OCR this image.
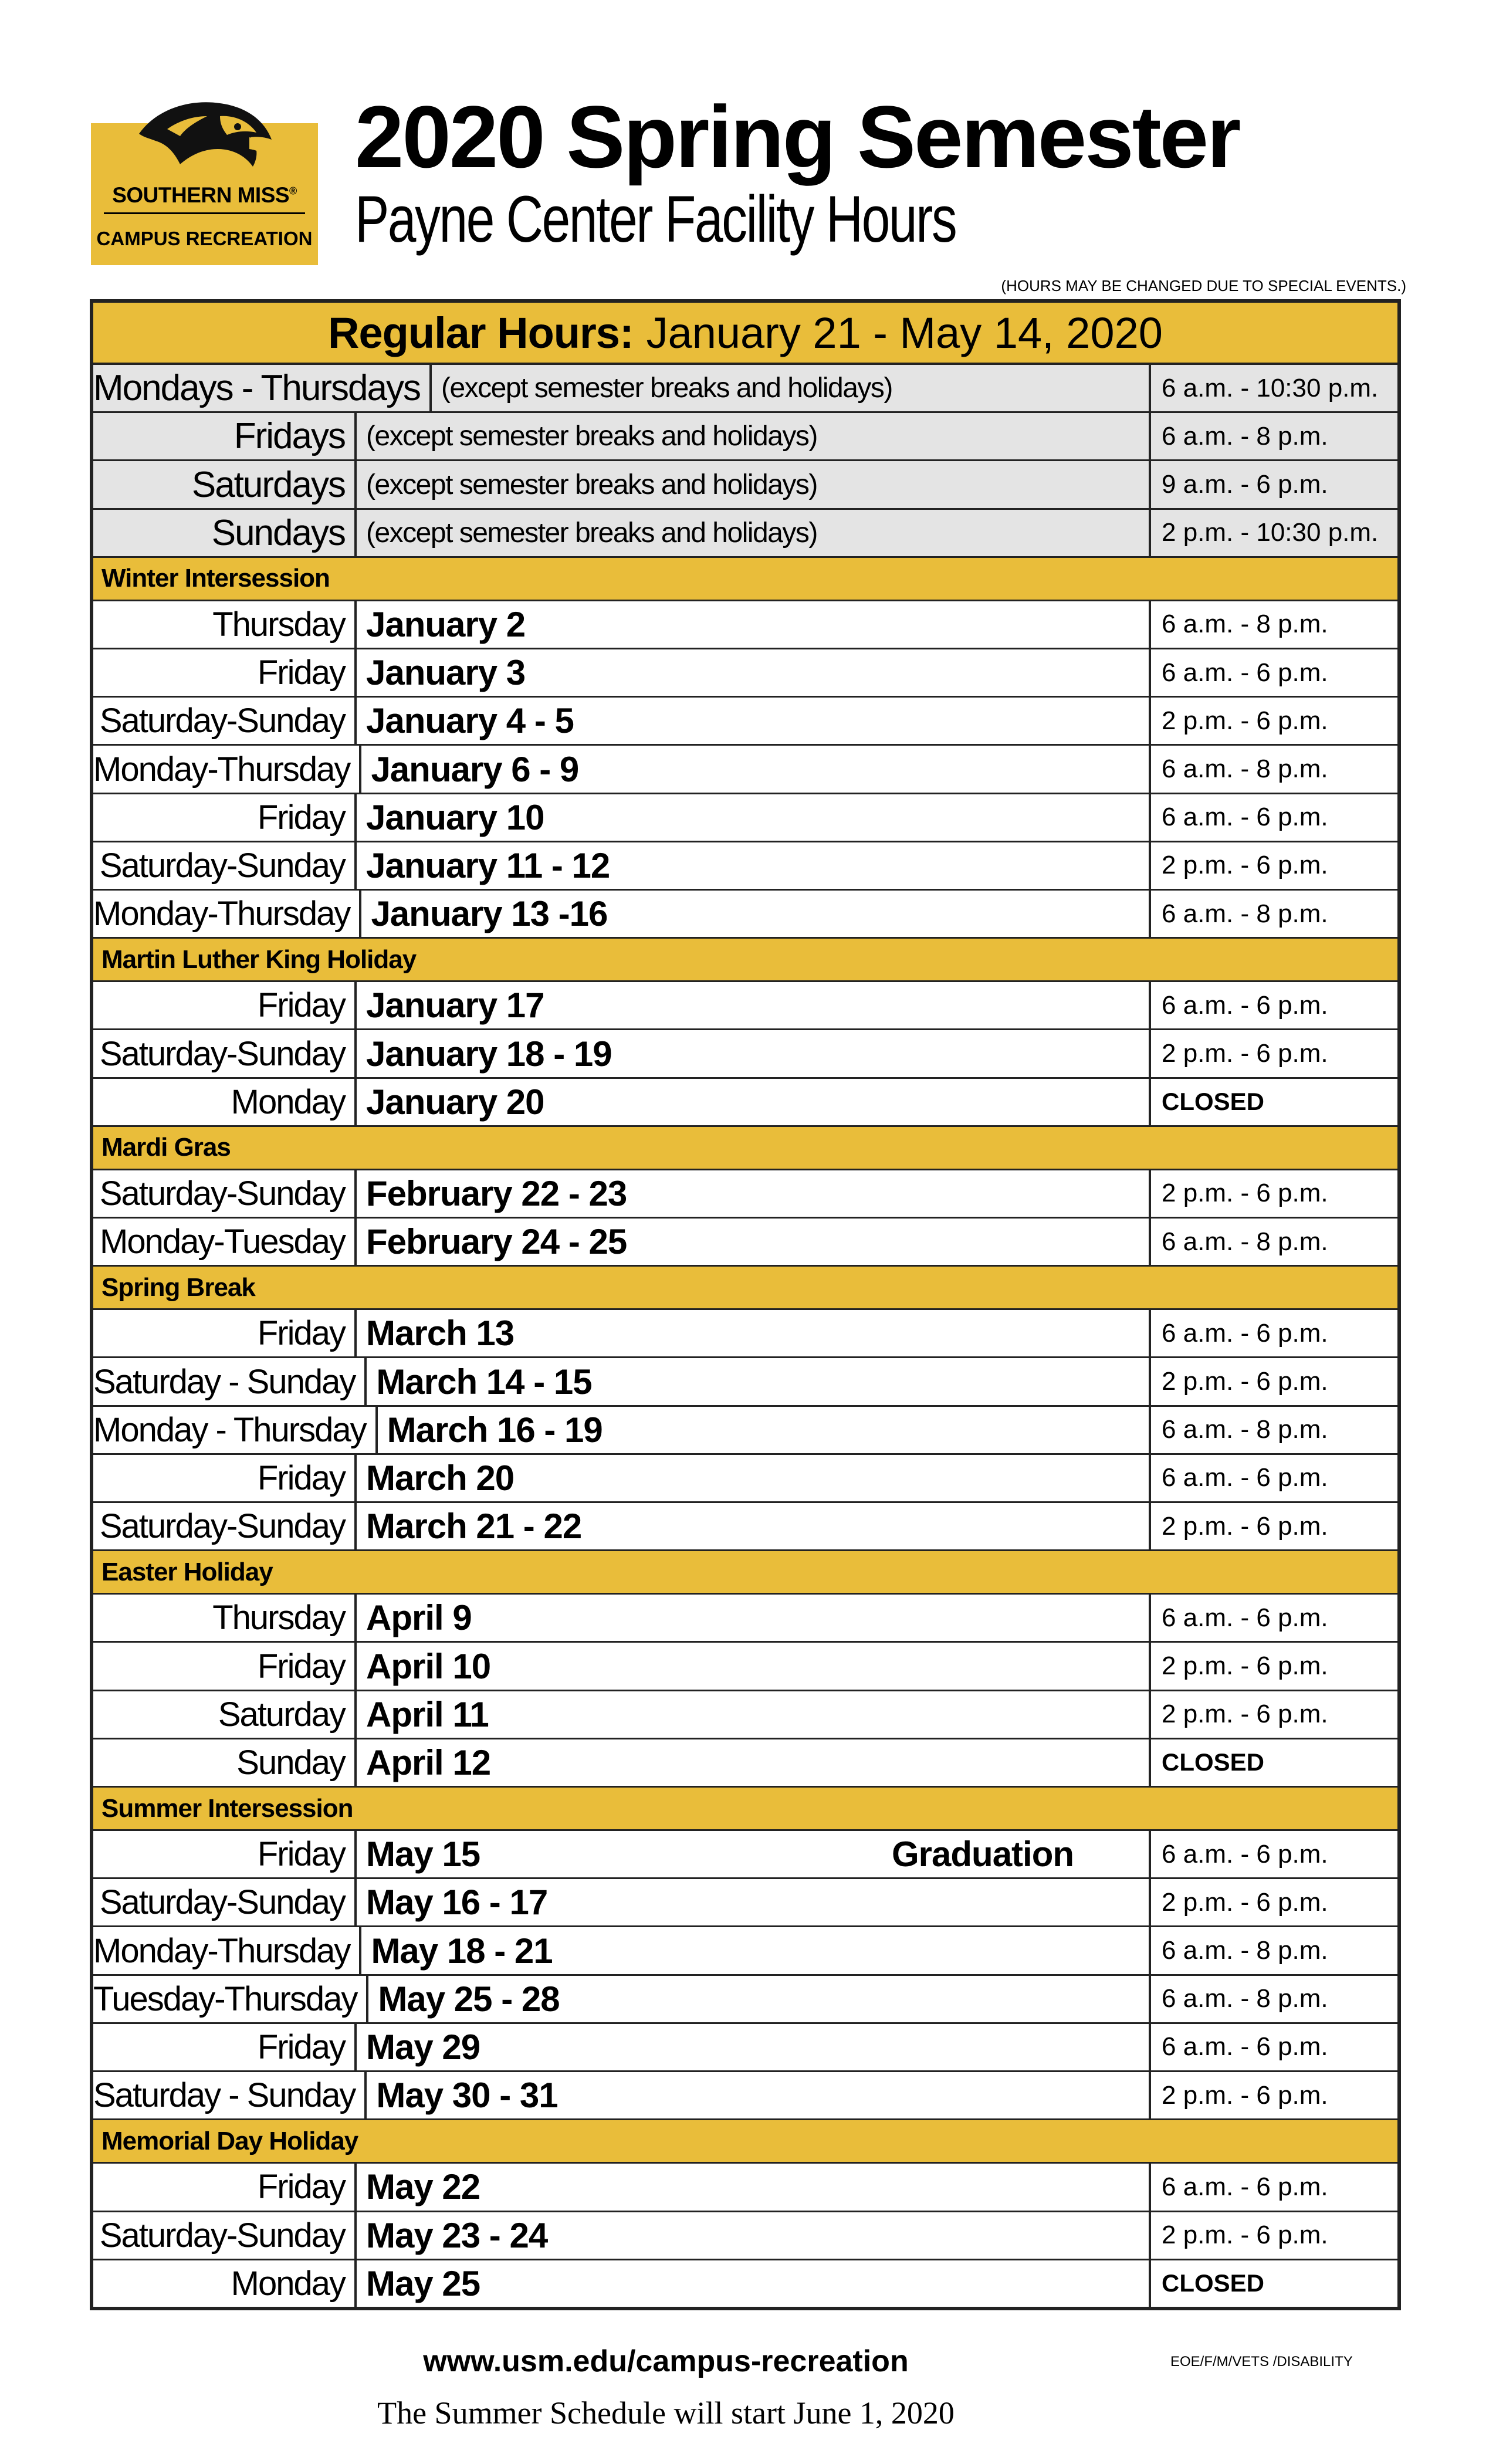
SOUTHERN MISS®
CAMPUS RECREATION
2020 Spring Semester
Payne Center Facility Hours
(HOURS MAY BE CHANGED DUE TO SPECIAL EVENTS.)
Regular Hours: January 21 - May 14, 2020
Mondays - Thursdays (except semester breaks and holidays)	6 a.m. - 10:30 p.m.
Fridays (except semester breaks and holidays)	6 a.m. - 8 p.m.
Saturdays (except semester breaks and holidays)	9 a.m. - 6 p.m.
Sundays (except semester breaks and holidays)	2 p.m. - 10:30 p.m.
Winter Intersession
Thursday January 2	6 a.m. - 8 p.m.
Friday January 3	6 a.m. - 6 p.m.
Saturday-Sunday January 4 - 5	2 p.m. - 6 p.m.
Monday-Thursday January 6 - 9	6 a.m. - 8 p.m.
Friday January 10	6 a.m. - 6 p.m.
Saturday-Sunday January 11 - 12	2 p.m. - 6 p.m.
Monday-Thursday January 13 -16	6 a.m. - 8 p.m.
Martin Luther King Holiday
Friday January 17	6 a.m. - 6 p.m.
Saturday-Sunday January 18 - 19	2 p.m. - 6 p.m.
Monday January 20	CLOSED
Mardi Gras
Saturday-Sunday February 22 - 23	2 p.m. - 6 p.m.
Monday-Tuesday February 24 - 25	6 a.m. - 8 p.m.
Spring Break
Friday March 13	6 a.m. - 6 p.m.
Saturday - Sunday March 14 - 15	2 p.m. - 6 p.m.
Monday - Thursday March 16 - 19	6 a.m. - 8 p.m.
Friday March 20	6 a.m. - 6 p.m.
Saturday-Sunday March 21 - 22	2 p.m. - 6 p.m.
Easter Holiday
Thursday April 9	6 a.m. - 6 p.m.
Friday April 10	2 p.m. - 6 p.m.
Saturday April 11	2 p.m. - 6 p.m.
Sunday April 12	CLOSED
Summer Intersession
Friday May 15	Graduation	6 a.m. - 6 p.m.
Saturday-Sunday May 16 - 17	2 p.m. - 6 p.m.
Monday-Thursday May 18 - 21	6 a.m. - 8 p.m.
Tuesday-Thursday May 25 - 28	6 a.m. - 8 p.m.
Friday May 29	6 a.m. - 6 p.m.
Saturday - Sunday May 30 - 31	2 p.m. - 6 p.m.
Memorial Day Holiday
Friday May 22	6 a.m. - 6 p.m.
Saturday-Sunday May 23 - 24	2 p.m. - 6 p.m.
Monday May 25	CLOSED
www.usm.edu/campus-recreation	EOE/F/M/VETS /DISABILITY
The Summer Schedule will start June 1, 2020
